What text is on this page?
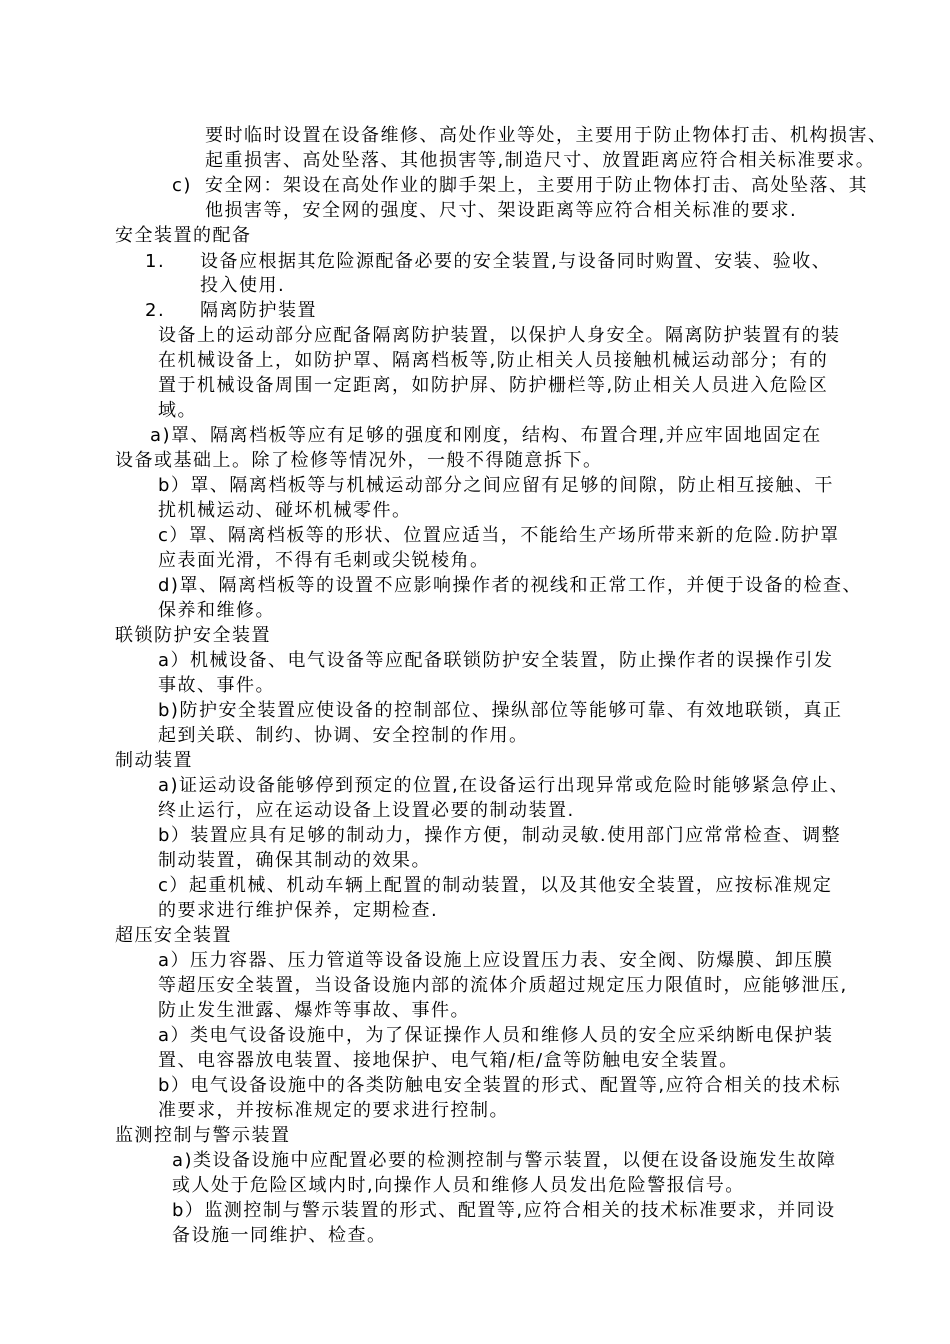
要时临时设置在设备维修、高处作业等处，主要用于防止物体打击、机构损害、
起重损害、高处坠落、其他损害等,制造尺寸、放置距离应符合相关标准要求。
c) 安全网：架设在高处作业的脚手架上，主要用于防止物体打击、高处坠落、其
他损害等，安全网的强度、尺寸、架设距离等应符合相关标准的要求.
安全装置的配备
1. 设备应根据其危险源配备必要的安全装置,与设备同时购置、安装、验收、
投入使用.
2. 隔离防护装置
设备上的运动部分应配备隔离防护装置，以保护人身安全。隔离防护装置有的装
在机械设备上，如防护罩、隔离档板等,防止相关人员接触机械运动部分；有的
置于机械设备周围一定距离，如防护屏、防护栅栏等,防止相关人员进入危险区
域。
a)罩、隔离档板等应有足够的强度和刚度，结构、布置合理,并应牢固地固定在
设备或基础上。除了检修等情况外，一般不得随意拆下。
b）罩、隔离档板等与机械运动部分之间应留有足够的间隙，防止相互接触、干
扰机械运动、碰坏机械零件。
c）罩、隔离档板等的形状、位置应适当，不能给生产场所带来新的危险.防护罩
应表面光滑，不得有毛刺或尖锐棱角。
d)罩、隔离档板等的设置不应影响操作者的视线和正常工作，并便于设备的检查、
保养和维修。
联锁防护安全装置
a）机械设备、电气设备等应配备联锁防护安全装置，防止操作者的误操作引发
事故、事件。
b)防护安全装置应使设备的控制部位、操纵部位等能够可靠、有效地联锁，真正
起到关联、制约、协调、安全控制的作用。
制动装置
a)证运动设备能够停到预定的位置,在设备运行出现异常或危险时能够紧急停止、
终止运行，应在运动设备上设置必要的制动装置.
b）装置应具有足够的制动力，操作方便，制动灵敏.使用部门应常常检查、调整
制动装置，确保其制动的效果。
c）起重机械、机动车辆上配置的制动装置，以及其他安全装置，应按标准规定
的要求进行维护保养，定期检查.
超压安全装置
a）压力容器、压力管道等设备设施上应设置压力表、安全阀、防爆膜、卸压膜
等超压安全装置，当设备设施内部的流体介质超过规定压力限值时，应能够泄压,
防止发生泄露、爆炸等事故、事件。
a）类电气设备设施中，为了保证操作人员和维修人员的安全应采纳断电保护装
置、电容器放电装置、接地保护、电气箱/柜/盒等防触电安全装置。
b）电气设备设施中的各类防触电安全装置的形式、配置等,应符合相关的技术标
准要求，并按标准规定的要求进行控制。
监测控制与警示装置
a)类设备设施中应配置必要的检测控制与警示装置，以便在设备设施发生故障
或人处于危险区域内时,向操作人员和维修人员发出危险警报信号。
b）监测控制与警示装置的形式、配置等,应符合相关的技术标准要求，并同设
备设施一同维护、检查。
